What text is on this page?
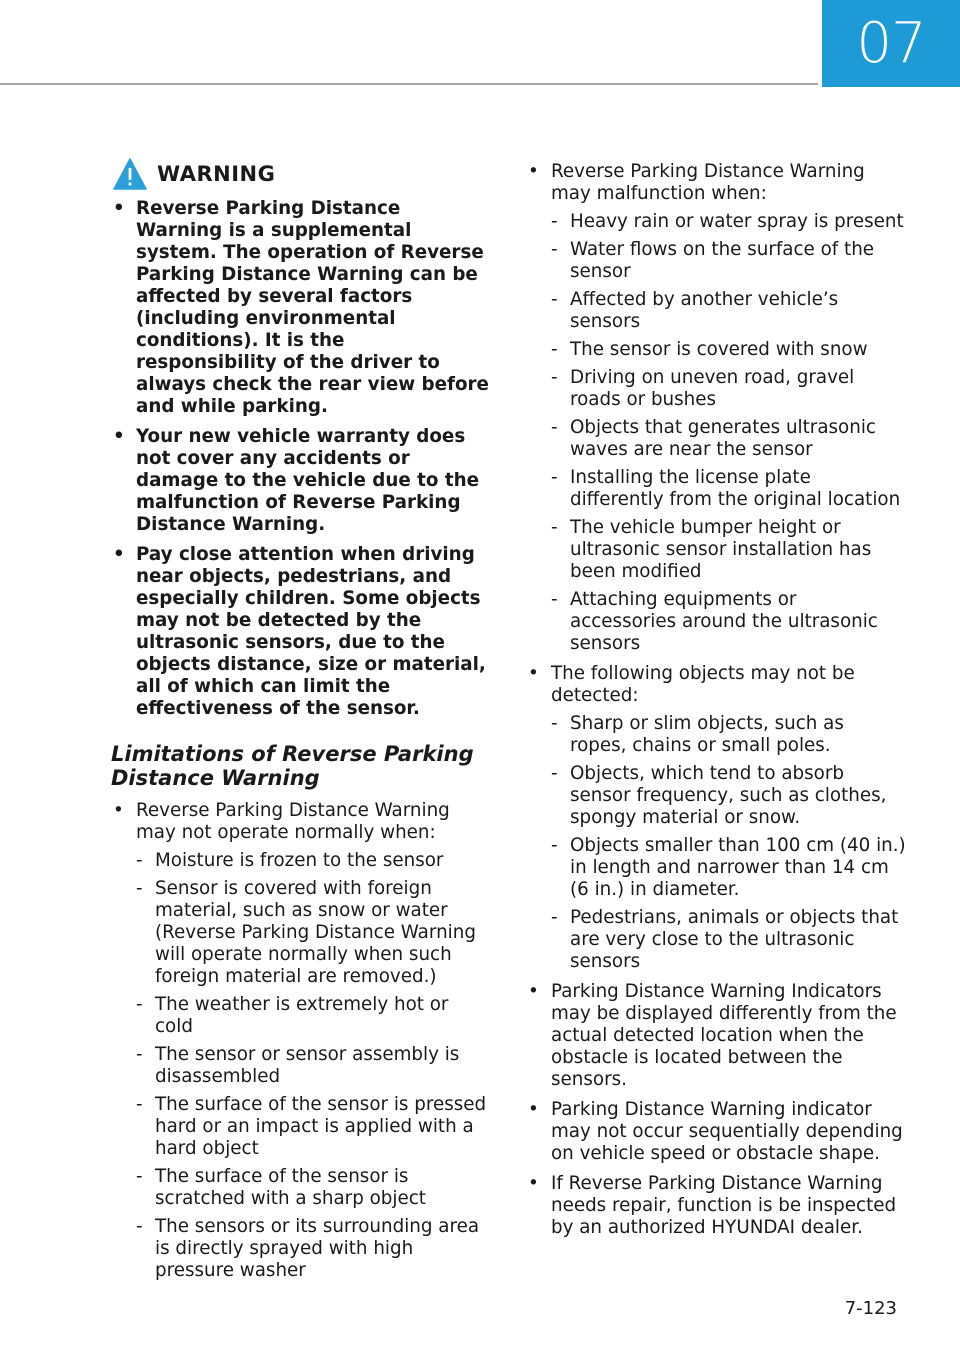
07
WARNING
• Reverse Parking Distance Warning is a supplemental system. The operation of Reverse Parking Distance Warning can be affected by several factors (including environmental conditions). It is the responsibility of the driver to always check the rear view before and while parking.
• Your new vehicle warranty does not cover any accidents or damage to the vehicle due to the malfunction of Reverse Parking Distance Warning.
• Pay close attention when driving near objects, pedestrians, and especially children. Some objects may not be detected by the ultrasonic sensors, due to the objects distance, size or material, all of which can limit the effectiveness of the sensor.
Limitations of Reverse Parking Distance Warning
• Reverse Parking Distance Warning may not operate normally when:
- Moisture is frozen to the sensor
- Sensor is covered with foreign material, such as snow or water (Reverse Parking Distance Warning will operate normally when such foreign material are removed.)
- The weather is extremely hot or cold
- The sensor or sensor assembly is disassembled
- The surface of the sensor is pressed hard or an impact is applied with a hard object
- The surface of the sensor is scratched with a sharp object
- The sensors or its surrounding area is directly sprayed with high pressure washer
• Reverse Parking Distance Warning may malfunction when:
- Heavy rain or water spray is present
- Water flows on the surface of the sensor
- Affected by another vehicle’s sensors
- The sensor is covered with snow
- Driving on uneven road, gravel roads or bushes
- Objects that generates ultrasonic waves are near the sensor
- Installing the license plate differently from the original location
- The vehicle bumper height or ultrasonic sensor installation has been modified
- Attaching equipments or accessories around the ultrasonic sensors
• The following objects may not be detected:
- Sharp or slim objects, such as ropes, chains or small poles.
- Objects, which tend to absorb sensor frequency, such as clothes, spongy material or snow.
- Objects smaller than 100 cm (40 in.) in length and narrower than 14 cm (6 in.) in diameter.
- Pedestrians, animals or objects that are very close to the ultrasonic sensors
• Parking Distance Warning Indicators may be displayed differently from the actual detected location when the obstacle is located between the sensors.
• Parking Distance Warning indicator may not occur sequentially depending on vehicle speed or obstacle shape.
• If Reverse Parking Distance Warning needs repair, function is be inspected by an authorized HYUNDAI dealer.
7-123
